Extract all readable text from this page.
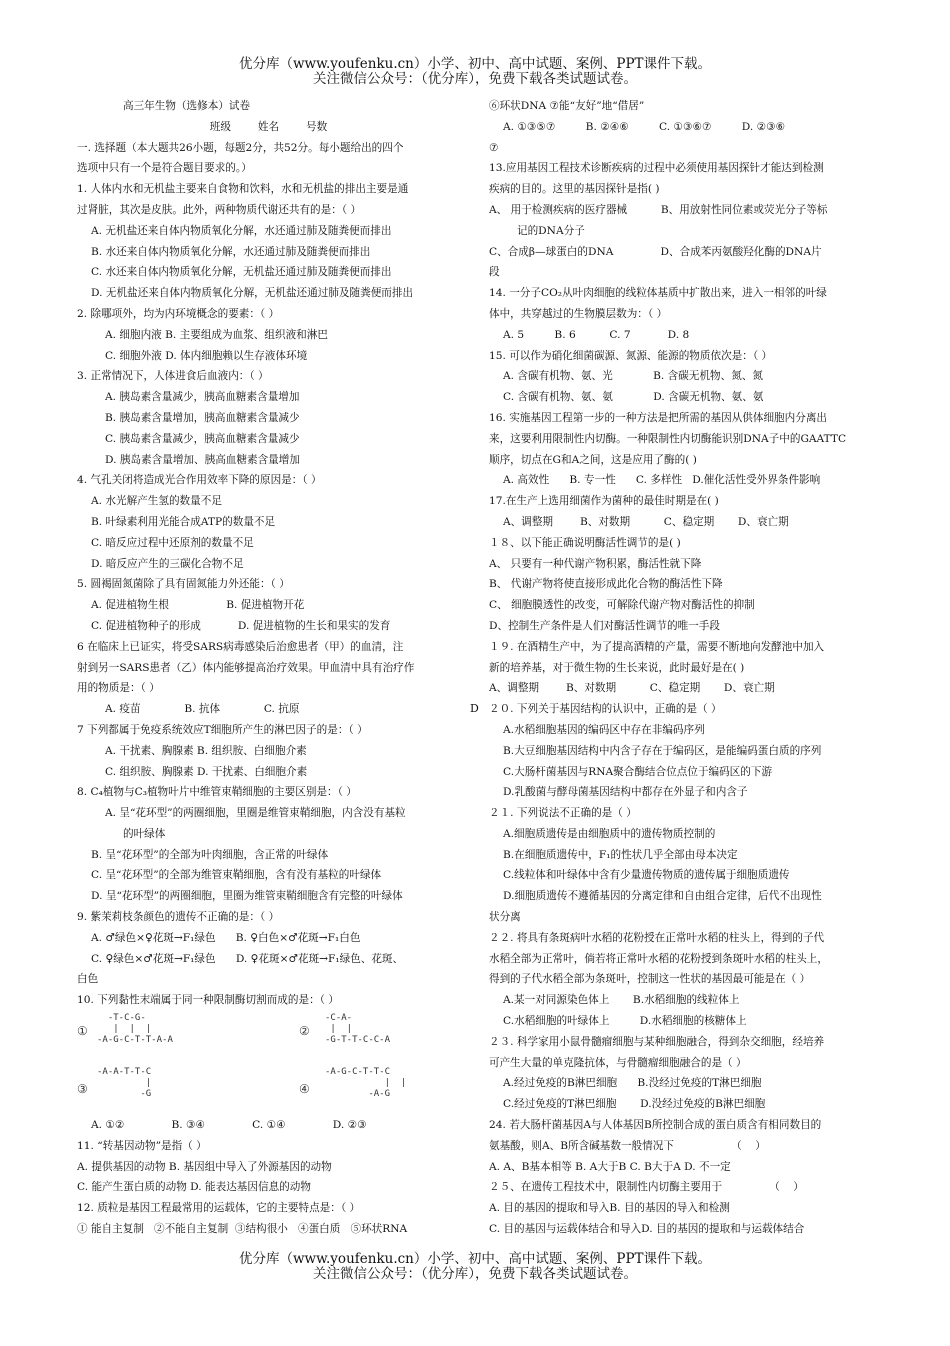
优分库（www.youfenku.cn）小学、初中、高中试题、案例、PPT课件下载。
关注微信公众号：（优分库），免费下载各类试题试卷。
高三年生物（选修本）试卷
班级        姓名        号数
一. 选择题（本大题共26小题，每题2分，共52分。每小题给出的四个
选项中只有一个是符合题目要求的。）
1. 人体内水和无机盐主要来自食物和饮料，水和无机盐的排出主要是通
过肾脏，其次是皮肤。此外，两种物质代谢还共有的是：（ ）
A. 无机盐还来自体内物质氧化分解，水还通过肺及随粪便而排出
B. 水还来自体内物质氧化分解，水还通过肺及随粪便而排出
C. 水还来自体内物质氧化分解，无机盐还通过肺及随粪便而排出
D. 无机盐还来自体内物质氧化分解，无机盐还通过肺及随粪便而排出
2. 除哪项外，均为内环境概念的要素：（ ）
A. 细胞内液 B. 主要组成为血浆、组织液和淋巴
C. 细胞外液 D. 体内细胞赖以生存液体环境
3. 正常情况下，人体进食后血液内：（ ）
A. 胰岛素含量减少，胰高血糖素含量增加
B. 胰岛素含量增加，胰高血糖素含量减少
C. 胰岛素含量减少，胰高血糖素含量减少
D. 胰岛素含量增加、胰高血糖素含量增加
4. 气孔关闭将造成光合作用效率下降的原因是：（ ）
A. 水光解产生氢的数量不足
B. 叶绿素利用光能合成ATP的数量不足
C. 暗反应过程中还原剂的数量不足
D. 暗反应产生的三碳化合物不足
5. 圆褐固氮菌除了具有固氮能力外还能：（ ）
A. 促进植物生根                 B. 促进植物开花
C. 促进植物种子的形成           D. 促进植物的生长和果实的发育
6 在临床上已证实，将受SARS病毒感染后治愈患者（甲）的血清，注
射到另一SARS患者（乙）体内能够提高治疗效果。甲血清中具有治疗作
用的物质是：（ ）
A. 疫苗             B. 抗体             C. 抗原
7 下列都属于免疫系统效应T细胞所产生的淋巴因子的是：（ ）
A. 干扰素、胸腺素 B. 组织胺、白细胞介素
C. 组织胺、胸腺素 D. 干扰素、白细胞介素
8. C₄植物与C₃植物叶片中维管束鞘细胞的主要区别是：（ ）
A. 呈“花环型”的两圈细胞，里圈是维管束鞘细胞，内含没有基粒
的叶绿体
B. 呈“花环型”的全部为叶肉细胞，含正常的叶绿体
C. 呈“花环型”的全部为维管束鞘细胞，含有没有基粒的叶绿体
D. 呈“花环型”的两圈细胞，里圈为维管束鞘细胞含有完整的叶绿体
9. 紫茉莉枝条颜色的遗传不正确的是：（ ）
A. ♂绿色×♀花斑→F₁绿色      B. ♀白色×♂花斑→F₁白色
C. ♀绿色×♂花斑→F₁绿色      D. ♀花斑×♂花斑→F₁绿色、花斑、
白色
10. 下列黏性末端属于同一种限制酶切割而成的是：（ ）
①
-T-C-G-
|  |  |
-A-G-C-T-T-A-A
②
-C-A-
|  |
-G-T-T-C-C-A
③
-A-A-T-T-C
|
-G	④
-A-G-C-T-T-C
|  |
-A-G
A. ①②              B. ③④              C. ①④              D. ②③
11. “转基因动物”是指（ ）
A. 提供基因的动物 B. 基因组中导入了外源基因的动物
C. 能产生蛋白质的动物 D. 能表达基因信息的动物
12. 质粒是基因工程最常用的运载体，它的主要特点是：（ ）
① 能自主复制   ②不能自主复制  ③结构很小   ④蛋白质   ⑤环状RNA
D
⑥环状DNA ⑦能“友好”地“借居”
A. ①③⑤⑦         B. ②④⑥         C. ①③⑥⑦         D. ②③⑥
⑦
13.应用基因工程技术诊断疾病的过程中必须使用基因探针才能达到检测
疾病的目的。这里的基因探针是指( )
A、 用于检测疾病的医疗器械          B、用放射性同位素或荧光分子等标
记的DNA分子
C、合成β—球蛋白的DNA              D、合成苯丙氨酸羟化酶的DNA片
段
14. 一分子CO₂从叶肉细胞的线粒体基质中扩散出来，进入一相邻的叶绿
体中，共穿越过的生物膜层数为：（ ）
A. 5         B. 6          C. 7           D. 8
15. 可以作为硝化细菌碳源、氮源、能源的物质依次是：（ ）
A. 含碳有机物、氨、光            B. 含碳无机物、氮、氮
C. 含碳有机物、氨、氨            D. 含碳无机物、氨、氨
16. 实施基因工程第一步的一种方法是把所需的基因从供体细胞内分离出
来，这要利用限制性内切酶。一种限制性内切酶能识别DNA子中的GAATTC
顺序，切点在G和A之间，这是应用了酶的( )
A. 高效性      B. 专一性      C. 多样性   D.催化活性受外界条件影响
17.在生产上选用细菌作为菌种的最佳时期是在( )
A、调整期        B、对数期          C、稳定期       D、衰亡期
１８、以下能正确说明酶活性调节的是( )
A、 只要有一种代谢产物积累，酶活性就下降
B、 代谢产物将使直接形成此化合物的酶活性下降
C、 细胞膜透性的改变，可解除代谢产物对酶活性的抑制
D、控制生产条件是人们对酶活性调节的唯一手段
１９. 在酒精生产中，为了提高酒精的产量，需要不断地向发酵池中加入
新的培养基，对于微生物的生长来说，此时最好是在( )
A、调整期        B、对数期          C、稳定期       D、衰亡期
２０. 下列关于基因结构的认识中，正确的是（ ）
A.水稻细胞基因的编码区中存在非编码序列
B.大豆细胞基因结构中内含子存在于编码区，是能编码蛋白质的序列
C.大肠杆菌基因与RNA聚合酶结合位点位于编码区的下游
D.乳酸菌与酵母菌基因结构中都存在外显子和内含子
２１. 下列说法不正确的是（ ）
A.细胞质遗传是由细胞质中的遗传物质控制的
B.在细胞质遗传中，F₁的性状几乎全部由母本决定
C.线粒体和叶绿体中含有少量遗传物质的遗传属于细胞质遗传
D.细胞质遗传不遵循基因的分离定律和自由组合定律，后代不出现性
状分离
２２. 将具有条斑病叶水稻的花粉授在正常叶水稻的柱头上，得到的子代
水稻全部为正常叶，倘若将正常叶水稻的花粉授到条斑叶水稻的柱头上，
得到的子代水稻全部为条斑叶，控制这一性状的基因最可能是在（ ）
A.某一对同源染色体上       B.水稻细胞的线粒体上
C.水稻细胞的叶绿体上         D.水稻细胞的核糖体上
２３. 科学家用小鼠骨髓瘤细胞与某种细胞融合，得到杂交细胞，经培养
可产生大量的单克隆抗体，与骨髓瘤细胞融合的是（ ）
A.经过免疫的B淋巴细胞      B.没经过免疫的T淋巴细胞
C.经过免疫的T淋巴细胞       D.没经过免疫的B淋巴细胞
24. 若大肠杆菌基因A与人体基因B所控制合成的蛋白质含有相同数目的
氨基酸，则A、B所含碱基数一般情况下                 （    ）
A. A、B基本相等 B. A大于B C. B大于A D. 不一定
２５、在遗传工程技术中，限制性内切酶主要用于              （    ）
A. 目的基因的提取和导入B. 目的基因的导入和检测
C. 目的基因与运载体结合和导入D. 目的基因的提取和与运载体结合
优分库（www.youfenku.cn）小学、初中、高中试题、案例、PPT课件下载。
关注微信公众号：（优分库），免费下载各类试题试卷。
